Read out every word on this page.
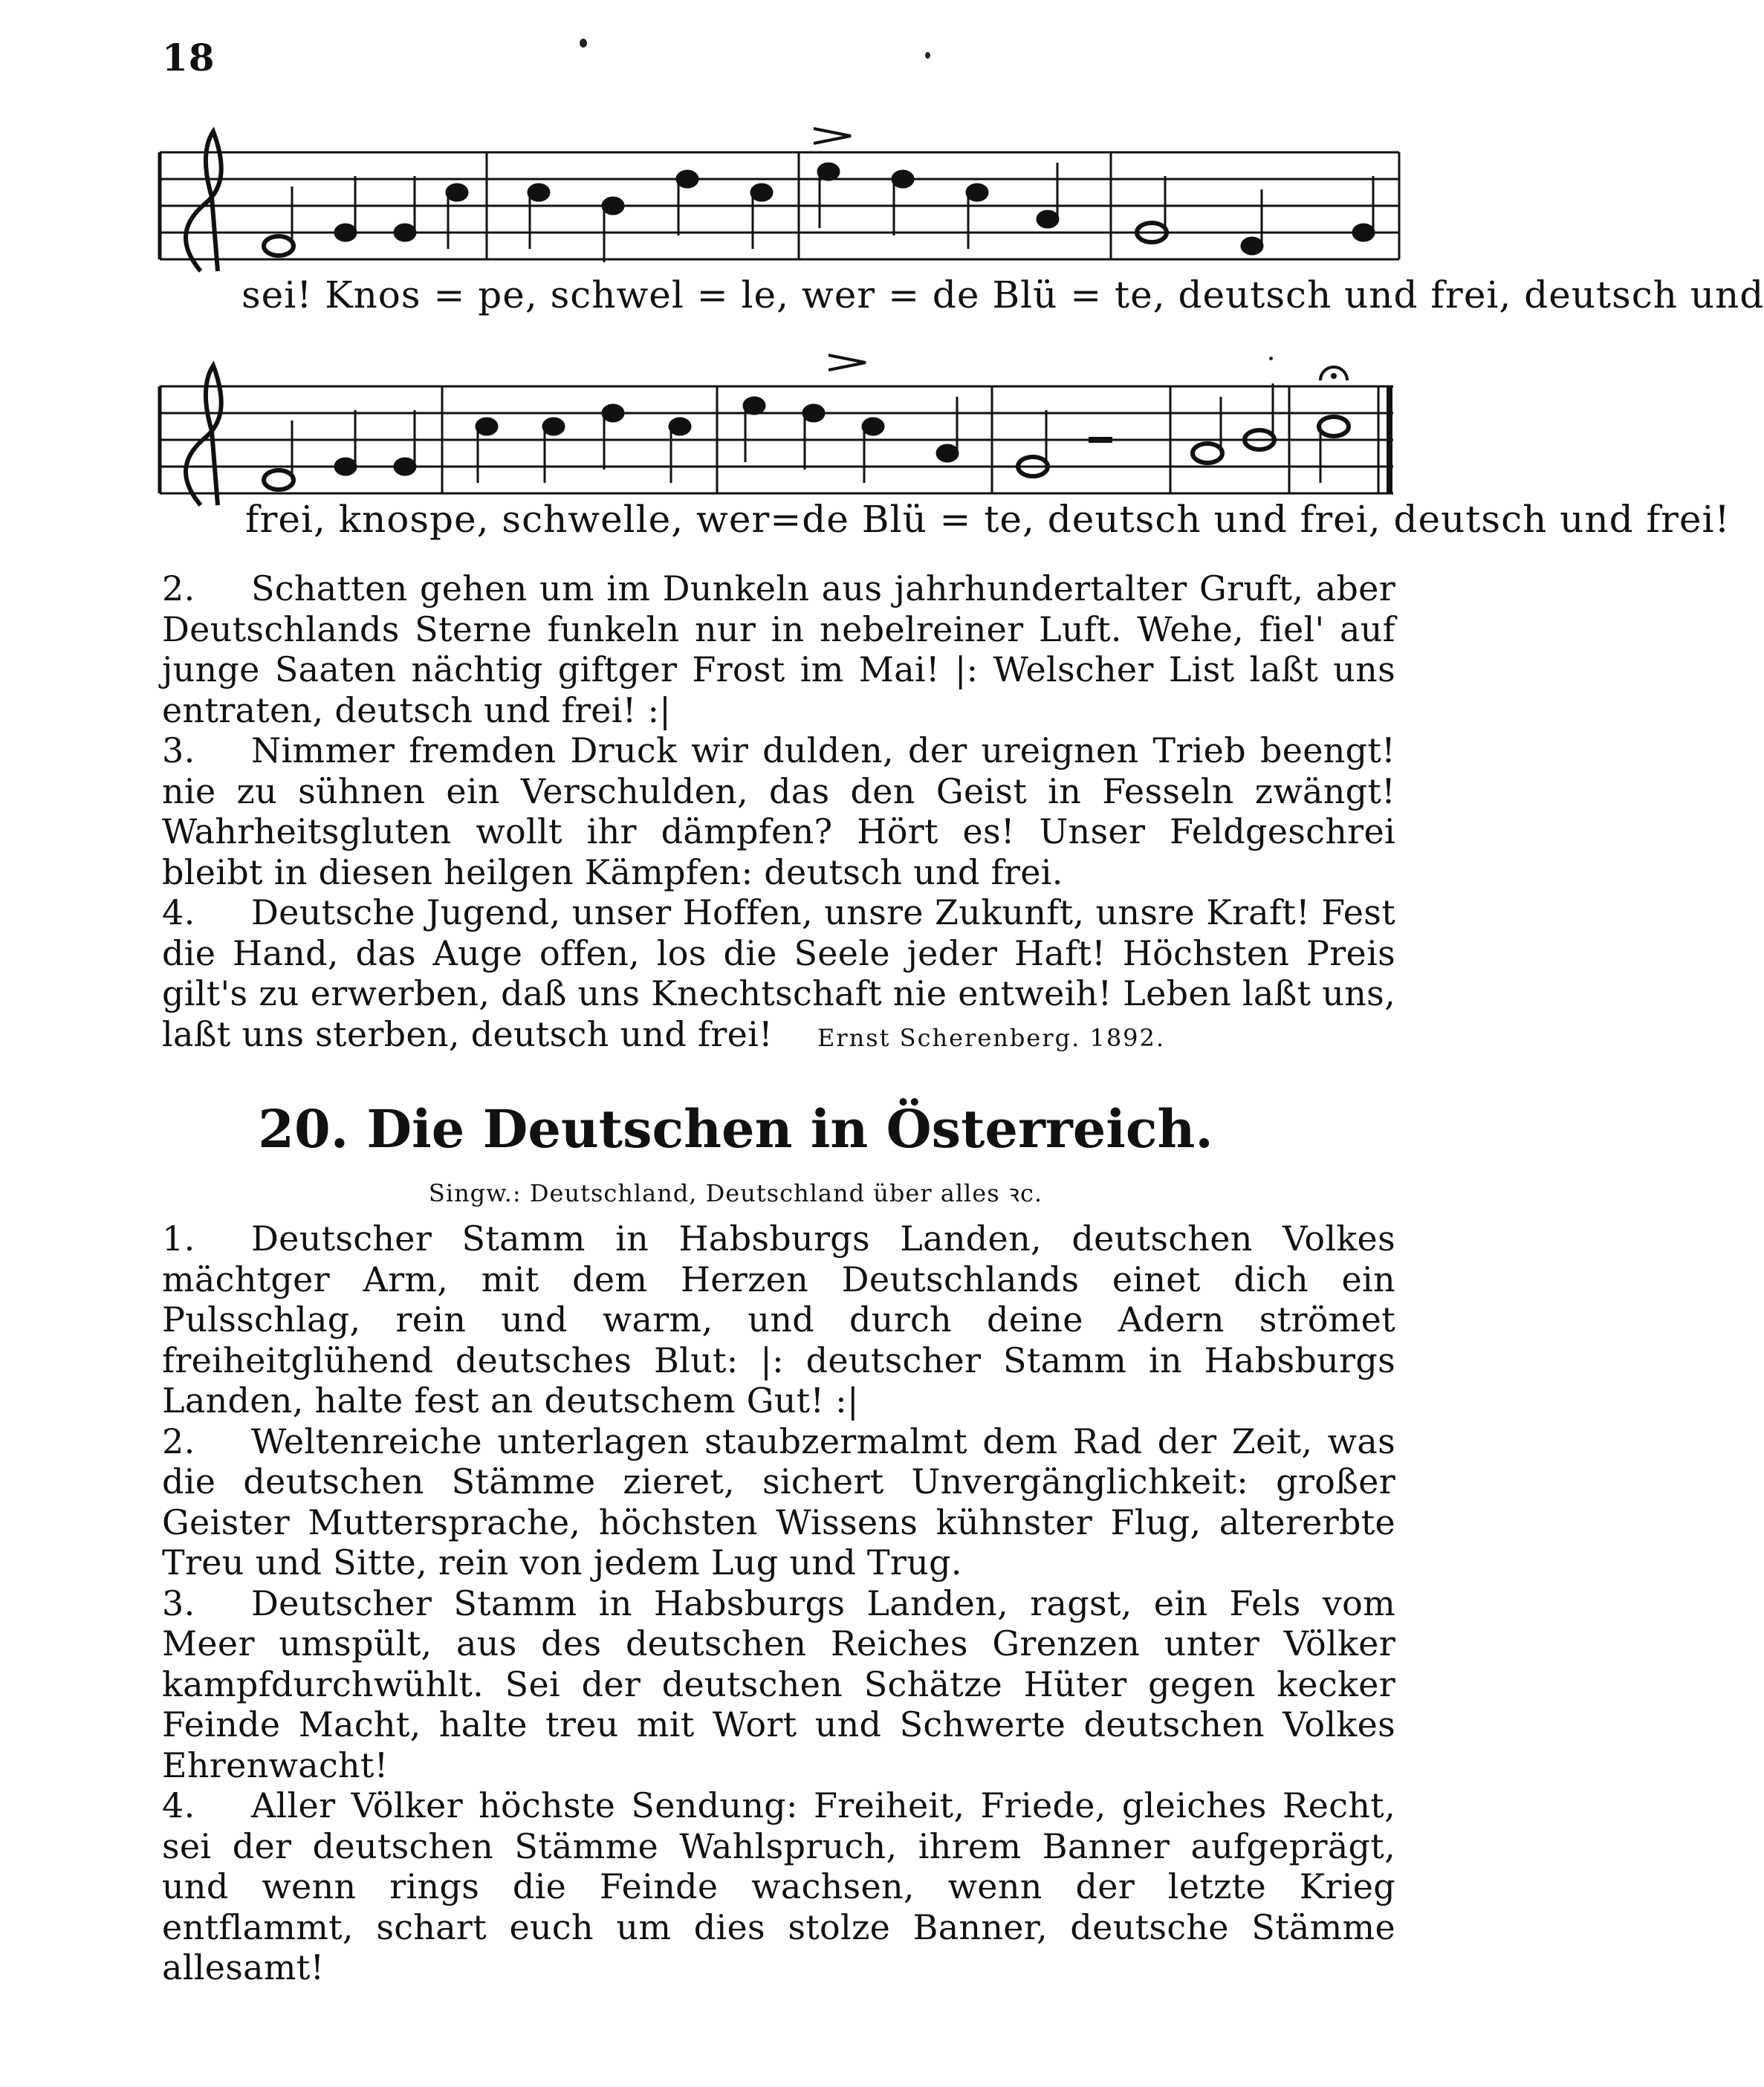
18
sei! Knos = pe, schwel = le, wer = de Blü = te, deutsch und frei, deutsch und
frei, knospe, schwelle, wer=de Blü = te, deutsch und frei, deutsch und frei!

2. Schatten gehen um im Dunkeln aus jahrhundertalter Gruft, aber Deutschlands Sterne funkeln nur in nebelreiner Luft. Wehe, fiel' auf junge Saaten nächtig giftger Frost im Mai! |: Welscher List laßt uns entraten, deutsch und frei! :|

3. Nimmer fremden Druck wir dulden, der ureignen Trieb beengt! nie zu sühnen ein Verschulden, das den Geist in Fesseln zwängt! Wahrheitsgluten wollt ihr dämpfen? Hört es! Unser Feldgeschrei bleibt in diesen heilgen Kämpfen: deutsch und frei.

4. Deutsche Jugend, unser Hoffen, unsre Zukunft, unsre Kraft! Fest die Hand, das Auge offen, los die Seele jeder Haft! Höchsten Preis gilt's zu erwerben, daß uns Knechtschaft nie entweih! Leben laßt uns, laßt uns sterben, deutsch und frei! Ernst Scherenberg. 1892.

20. Die Deutschen in Österreich.
Singw.: Deutschland, Deutschland über alles ꝛc.

1. Deutscher Stamm in Habsburgs Landen, deutschen Volkes mächtger Arm, mit dem Herzen Deutschlands einet dich ein Pulsschlag, rein und warm, und durch deine Adern strömet freiheitglühend deutsches Blut: |: deutscher Stamm in Habsburgs Landen, halte fest an deutschem Gut! :|

2. Weltenreiche unterlagen staubzermalmt dem Rad der Zeit, was die deutschen Stämme zieret, sichert Unvergänglichkeit: großer Geister Muttersprache, höchsten Wissens kühnster Flug, altererbte Treu und Sitte, rein von jedem Lug und Trug.

3. Deutscher Stamm in Habsburgs Landen, ragst, ein Fels vom Meer umspült, aus des deutschen Reiches Grenzen unter Völker kampfdurchwühlt. Sei der deutschen Schätze Hüter gegen kecker Feinde Macht, halte treu mit Wort und Schwerte deutschen Volkes Ehrenwacht!

4. Aller Völker höchste Sendung: Freiheit, Friede, gleiches Recht, sei der deutschen Stämme Wahlspruch, ihrem Banner aufgeprägt, und wenn rings die Feinde wachsen, wenn der letzte Krieg entflammt, schart euch um dies stolze Banner, deutsche Stämme allesamt!
